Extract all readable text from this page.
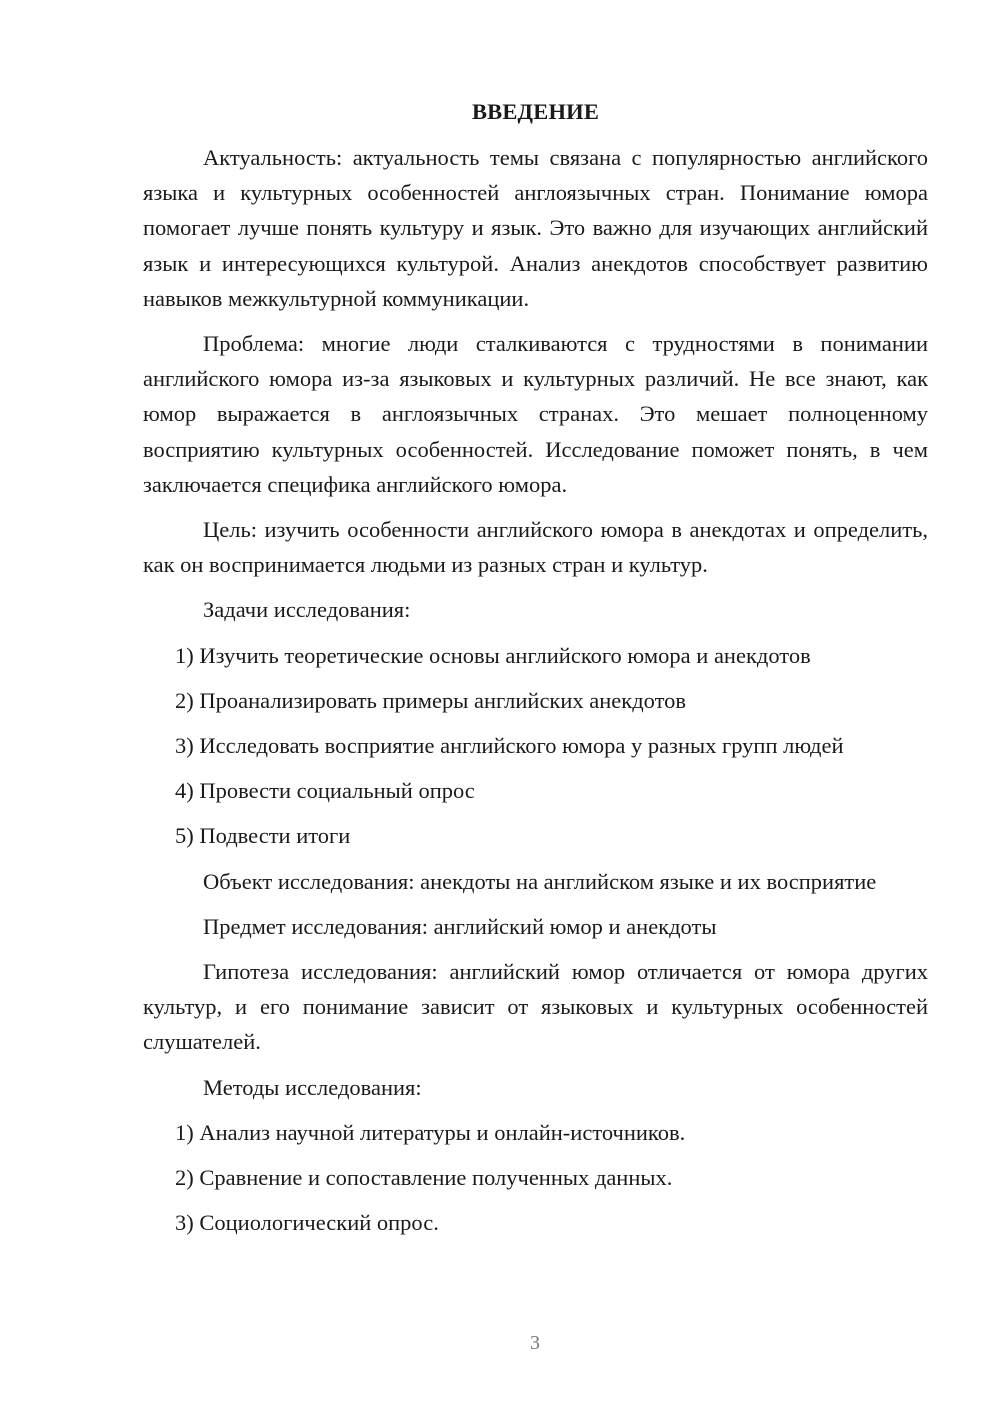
ВВЕДЕНИЕ

Актуальность: актуальность темы связана с популярностью английского языка и культурных особенностей англоязычных стран. Понимание юмора помогает лучше понять культуру и язык. Это важно для изучающих английский язык и интересующихся культурой. Анализ анекдотов способствует развитию навыков межкультурной коммуникации.

Проблема: многие люди сталкиваются с трудностями в понимании английского юмора из-за языковых и культурных различий. Не все знают, как юмор выражается в англоязычных странах. Это мешает полноценному восприятию культурных особенностей. Исследование поможет понять, в чем заключается специфика английского юмора.

Цель: изучить особенности английского юмора в анекдотах и определить, как он воспринимается людьми из разных стран и культур.

Задачи исследования:

1) Изучить теоретические основы английского юмора и анекдотов
2) Проанализировать примеры английских анекдотов
3) Исследовать восприятие английского юмора у разных групп людей
4) Провести социальный опрос
5) Подвести итоги

Объект исследования: анекдоты на английском языке и их восприятие

Предмет исследования: английский юмор и анекдоты

Гипотеза исследования: английский юмор отличается от юмора других культур, и его понимание зависит от языковых и культурных особенностей слушателей.

Методы исследования:

1) Анализ научной литературы и онлайн-источников.
2) Сравнение и сопоставление полученных данных.
3) Социологический опрос.
3
